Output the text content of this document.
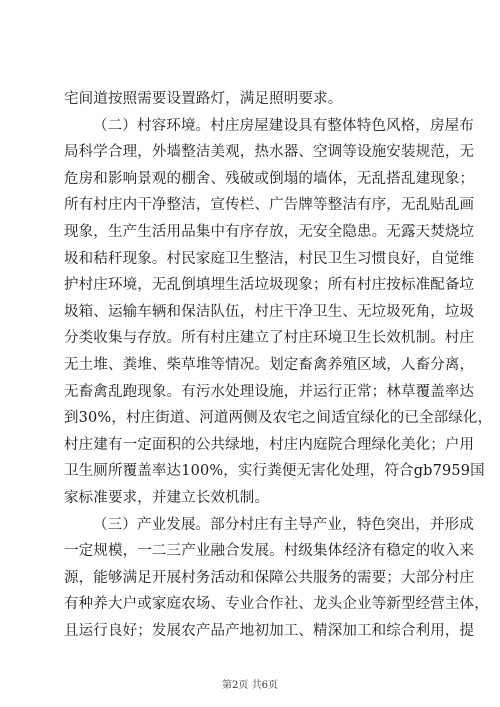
宅间道按照需要设置路灯，满足照明要求。
（二）村容环境。村庄房屋建设具有整体特色风格，房屋布
局科学合理，外墙整洁美观，热水器、空调等设施安装规范，无
危房和影响景观的棚舍、残破或倒塌的墙体，无乱搭乱建现象；
所有村庄内干净整洁，宣传栏、广告牌等整洁有序，无乱贴乱画
现象，生产生活用品集中有序存放，无安全隐患。无露天焚烧垃
圾和秸秆现象。村民家庭卫生整洁，村民卫生习惯良好，自觉维
护村庄环境，无乱倒填埋生活垃圾现象；所有村庄按标准配备垃
圾箱、运输车辆和保洁队伍，村庄干净卫生、无垃圾死角，垃圾
分类收集与存放。所有村庄建立了村庄环境卫生长效机制。村庄
无土堆、粪堆、柴草堆等情况。划定畜禽养殖区域，人畜分离，
无畜禽乱跑现象。有污水处理设施，并运行正常；林草覆盖率达
到30%，村庄街道、河道两侧及农宅之间适宜绿化的已全部绿化，
村庄建有一定面积的公共绿地，村庄内庭院合理绿化美化；户用
卫生厕所覆盖率达100%，实行粪便无害化处理，符合gb7959国
家标准要求，并建立长效机制。
（三）产业发展。部分村庄有主导产业，特色突出，并形成
一定规模，一二三产业融合发展。村级集体经济有稳定的收入来
源，能够满足开展村务活动和保障公共服务的需要；大部分村庄
有种养大户或家庭农场、专业合作社、龙头企业等新型经营主体，
且运行良好；发展农产品产地初加工、精深加工和综合利用，提
第2页 共6页
